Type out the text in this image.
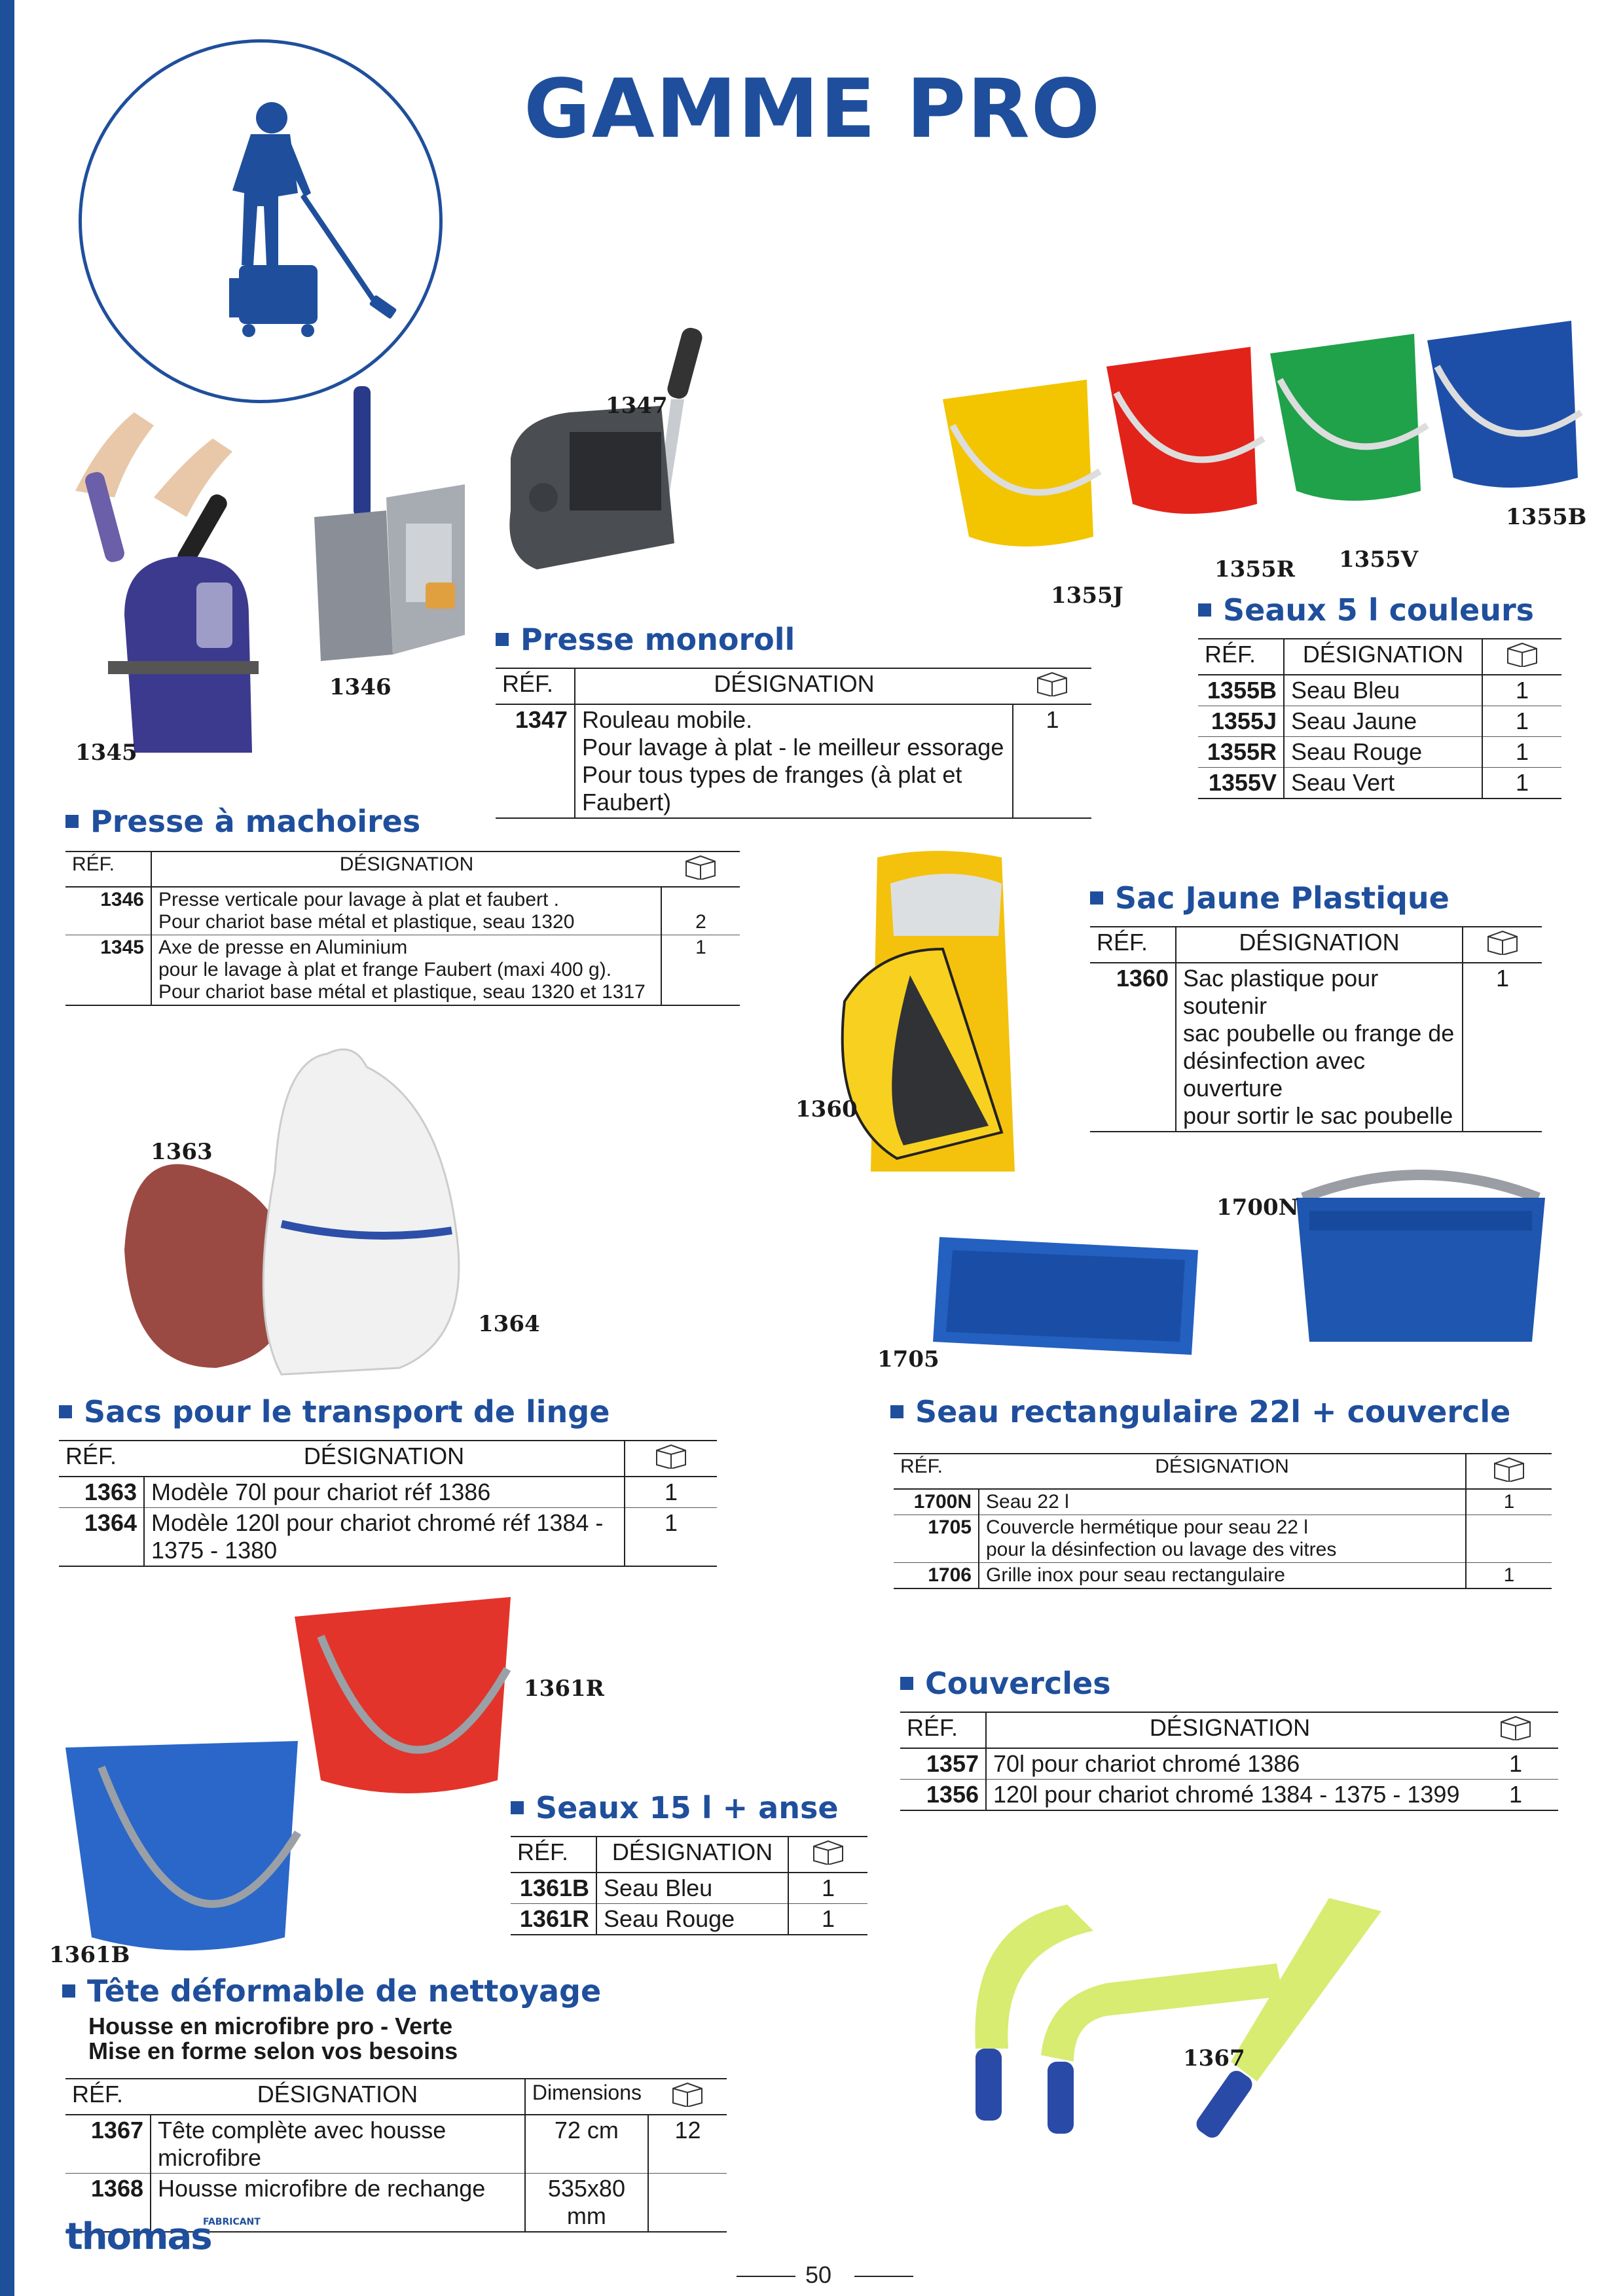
GAMME PRO
1347
1346
1345
1355J
1355R 1355V
1355B
1360
1363
1364
1700N
1705
1361R
1361B
1367
Presse monoroll
RÉF.	DÉSIGNATION	
1347	Rouleau mobile.
Pour lavage à plat - le meilleur essorage
Pour tous types de franges (à plat et Faubert)	1
Seaux 5 l couleurs
RÉF.	DÉSIGNATION	
1355B	Seau Bleu	1
1355J	Seau Jaune	1
1355R	Seau Rouge	1
1355V	Seau Vert	1
Presse à machoires
RÉF.	DÉSIGNATION	
1346	Presse verticale pour lavage à plat et faubert .
Pour chariot base métal et plastique, seau 1320	2
1345	Axe de presse en Aluminium
pour le lavage à plat et frange Faubert (maxi 400 g).
Pour chariot base métal et plastique, seau 1320 et 1317	1
Sac Jaune Plastique
RÉF.	DÉSIGNATION	
1360	Sac plastique pour soutenir
sac poubelle ou frange de
désinfection avec ouverture
pour sortir le sac poubelle	1
Sacs pour le transport de linge
RÉF.	DÉSIGNATION	
1363	Modèle 70l pour chariot réf 1386	1
1364	Modèle 120l pour chariot chromé réf 1384 -
1375 - 1380	1
Seau rectangulaire 22l + couvercle
RÉF.	DÉSIGNATION	
1700N	Seau 22 l	1
1705	Couvercle hermétique pour seau 22 l
pour la désinfection ou lavage des vitres	

1706	Grille inox pour seau rectangulaire	1
Couvercles
RÉF.	DÉSIGNATION	
1357	70l pour chariot chromé 1386	1
1356	120l pour chariot chromé 1384 - 1375 - 1399	1
Seaux 15 l + anse
RÉF.	DÉSIGNATION	
1361B	Seau Bleu	1
1361R	Seau Rouge	1
Tête déformable de nettoyage
Housse en microfibre pro - Verte
Mise en forme selon vos besoins
RÉF.	DÉSIGNATION	Dimensions	
1367	Tête complète avec housse microfibre	72 cm	12
1368	Housse microfibre de rechange	535x80 mm	
thomas
FABRICANT
50
